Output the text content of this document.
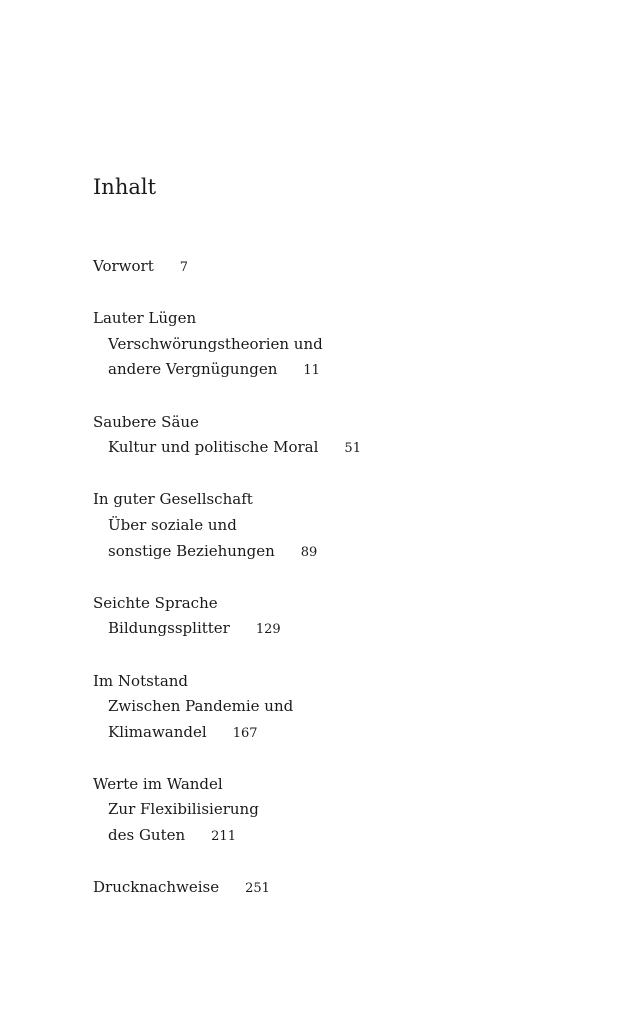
Inhalt
Vorwort 7
Lauter Lügen
Verschwörungstheorien und
andere Vergnügungen 11
Saubere Säue
Kultur und politische Moral 51
In guter Gesellschaft
Über soziale und
sonstige Beziehungen 89
Seichte Sprache
Bildungssplitter 129
Im Notstand
Zwischen Pandemie und
Klimawandel 167
Werte im Wandel
Zur Flexibilisierung
des Guten 211
Drucknachweise 251
